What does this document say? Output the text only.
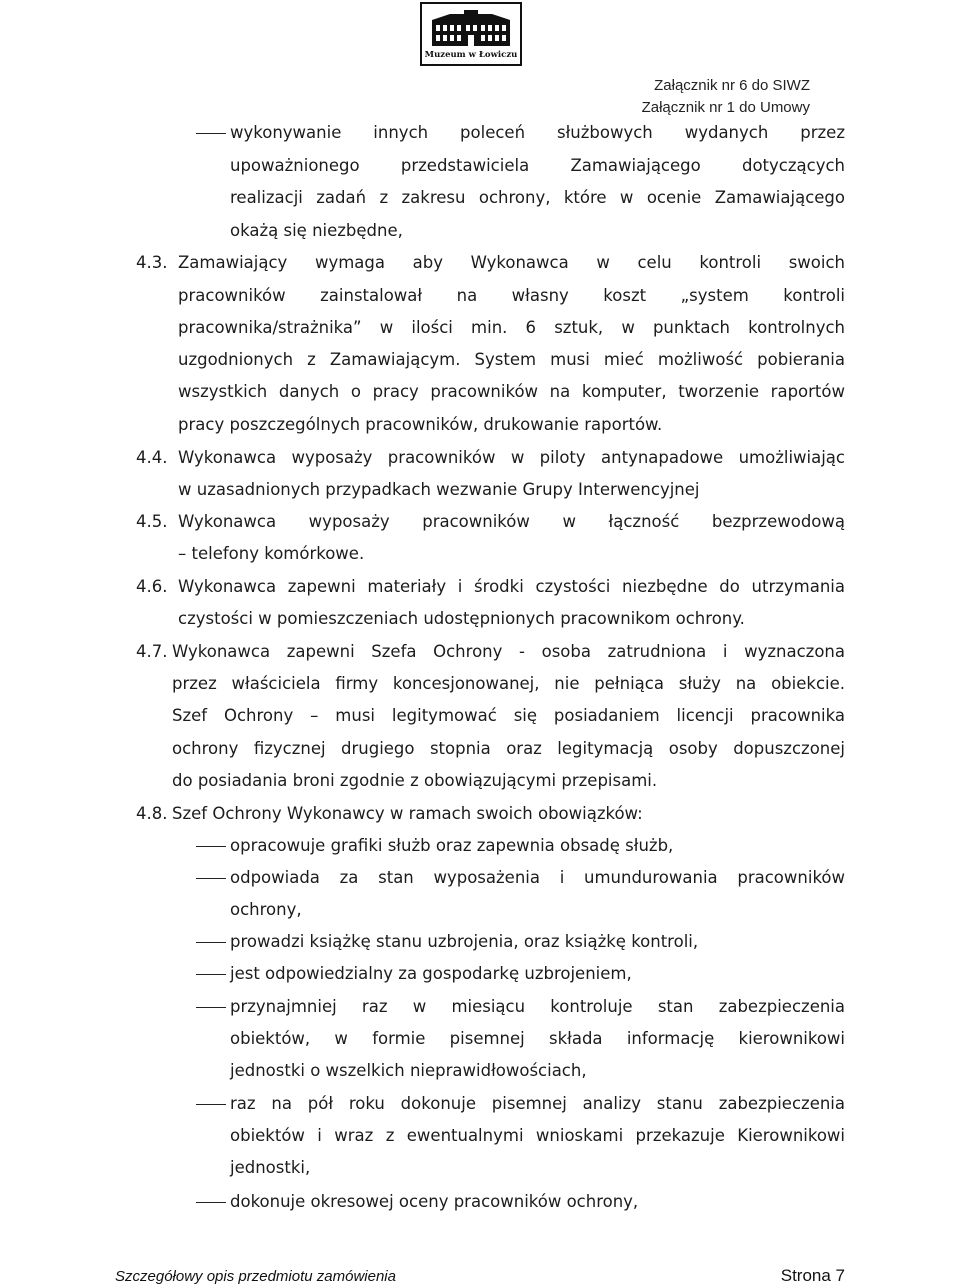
Muzeum w Łowiczu
Załącznik nr 6 do SIWZ
Załącznik nr 1 do Umowy
wykonywanie innych poleceń służbowych wydanych przez
upoważnionego przedstawiciela Zamawiającego dotyczących
realizacji zadań z zakresu ochrony, które w ocenie Zamawiającego
okażą się niezbędne,
4.3. Zamawiający wymaga aby Wykonawca w celu kontroli swoich
pracowników zainstalował na własny koszt „system kontroli
pracownika/strażnika” w ilości min. 6 sztuk, w punktach kontrolnych
uzgodnionych z Zamawiającym. System musi mieć możliwość pobierania
wszystkich danych o pracy pracowników na komputer, tworzenie raportów
pracy poszczególnych pracowników, drukowanie raportów.
4.4. Wykonawca wyposaży pracowników w piloty antynapadowe umożliwiając
w uzasadnionych przypadkach wezwanie Grupy Interwencyjnej
4.5. Wykonawca wyposaży pracowników w łączność bezprzewodową
– telefony komórkowe.
4.6. Wykonawca zapewni materiały i środki czystości niezbędne do utrzymania
czystości w pomieszczeniach udostępnionych pracownikom ochrony.
4.7. Wykonawca zapewni Szefa Ochrony - osoba zatrudniona i wyznaczona
przez właściciela firmy koncesjonowanej, nie pełniąca służy na obiekcie.
Szef Ochrony – musi legitymować się posiadaniem licencji pracownika
ochrony fizycznej drugiego stopnia oraz legitymacją osoby dopuszczonej
do posiadania broni zgodnie z obowiązującymi przepisami.
4.8. Szef Ochrony Wykonawcy w ramach swoich obowiązków:
opracowuje grafiki służb oraz zapewnia obsadę służb,
odpowiada za stan wyposażenia i umundurowania pracowników
ochrony,
prowadzi książkę stanu uzbrojenia, oraz książkę kontroli,
jest odpowiedzialny za gospodarkę uzbrojeniem,
przynajmniej raz w miesiącu kontroluje stan zabezpieczenia
obiektów, w formie pisemnej składa informację kierownikowi
jednostki o wszelkich nieprawidłowościach,
raz na pół roku dokonuje pisemnej analizy stanu zabezpieczenia
obiektów i wraz z ewentualnymi wnioskami przekazuje Kierownikowi
jednostki,
dokonuje okresowej oceny pracowników ochrony,
Szczegółowy opis przedmiotu zamówienia	Strona 7
